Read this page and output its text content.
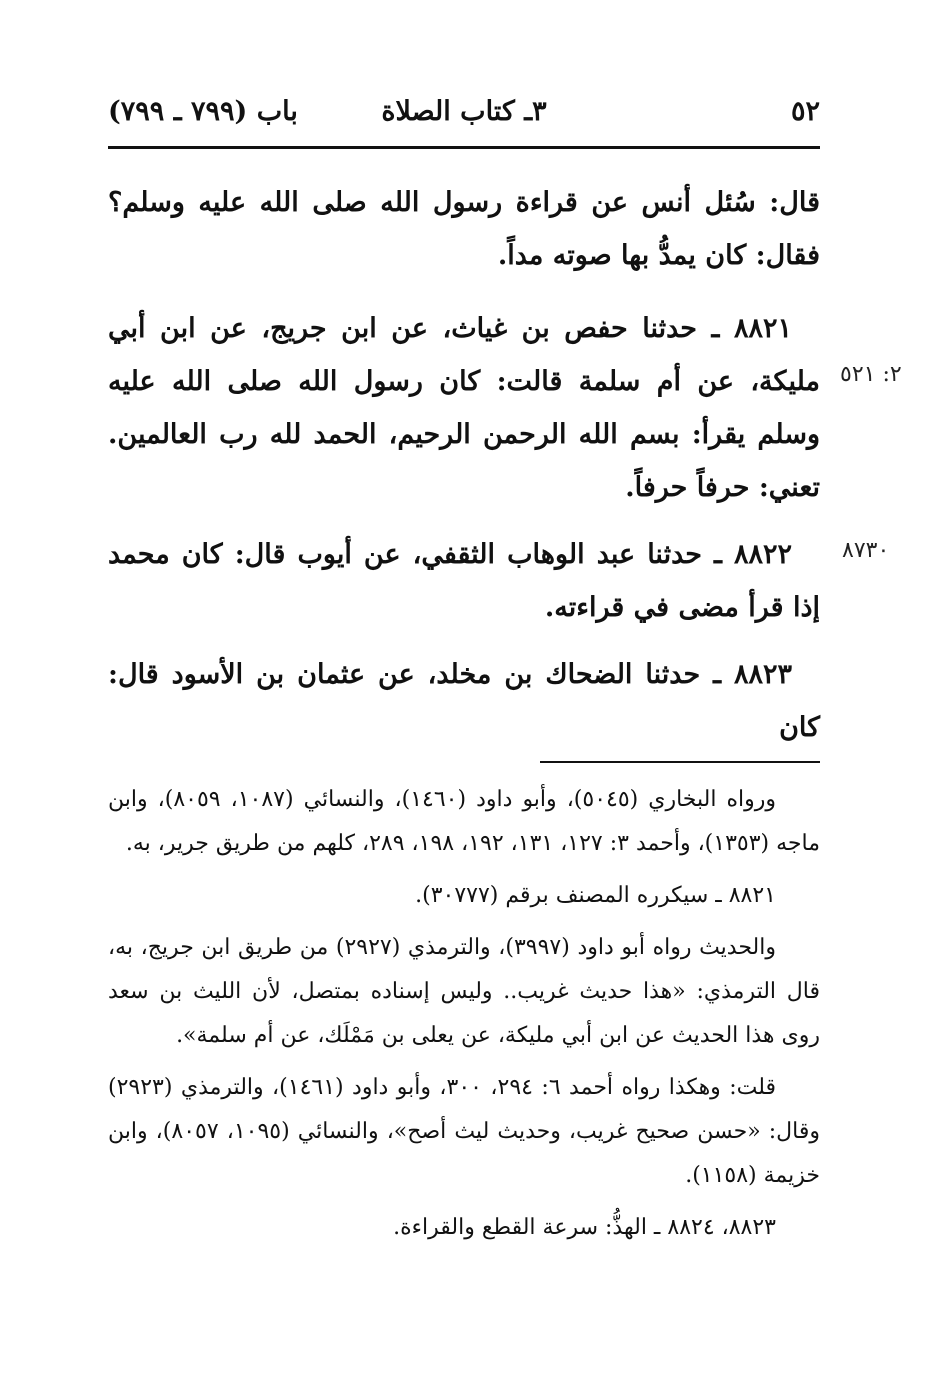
٥٢
٣ـ كتاب الصلاة
باب (٧٩٩ ـ ٧٩٩)

قال: سُئل أنس عن قراءة رسول الله صلى الله عليه وسلم؟ فقال: كان يمدُّ بها صوته مداً.

٨٨٢١ ـ حدثنا حفص بن غياث، عن ابن جريج، عن ابن أبي مليكة، عن أم سلمة قالت: كان رسول الله صلى الله عليه وسلم يقرأ: بسم الله الرحمن الرحيم، الحمد لله رب العالمين. تعني: حرفاً حرفاً.

٨٨٢٢ ـ حدثنا عبد الوهاب الثقفي، عن أيوب قال: كان محمد إذا قرأ مضى في قراءته.

٨٨٢٣ ـ حدثنا الضحاك بن مخلد، عن عثمان بن الأسود قال: كان

٢: ٥٢١
٨٧٣٠

ورواه البخاري (٥٠٤٥)، وأبو داود (١٤٦٠)، والنسائي (١٠٨٧، ٨٠٥٩)، وابن ماجه (١٣٥٣)، وأحمد ٣: ١٢٧، ١٣١، ١٩٢، ١٩٨، ٢٨٩، كلهم من طريق جرير، به.

٨٨٢١ ـ سيكرره المصنف برقم (٣٠٧٧٧).

والحديث رواه أبو داود (٣٩٩٧)، والترمذي (٢٩٢٧) من طريق ابن جريج، به، قال الترمذي: «هذا حديث غريب.. وليس إسناده بمتصل، لأن الليث بن سعد روى هذا الحديث عن ابن أبي مليكة، عن يعلى بن مَمْلَك، عن أم سلمة».

قلت: وهكذا رواه أحمد ٦: ٢٩٤، ٣٠٠، وأبو داود (١٤٦١)، والترمذي (٢٩٢٣) وقال: «حسن صحيح غريب، وحديث ليث أصح»، والنسائي (١٠٩٥، ٨٠٥٧)، وابن خزيمة (١١٥٨).

٨٨٢٣، ٨٨٢٤ ـ الهذُّ: سرعة القطع والقراءة.
